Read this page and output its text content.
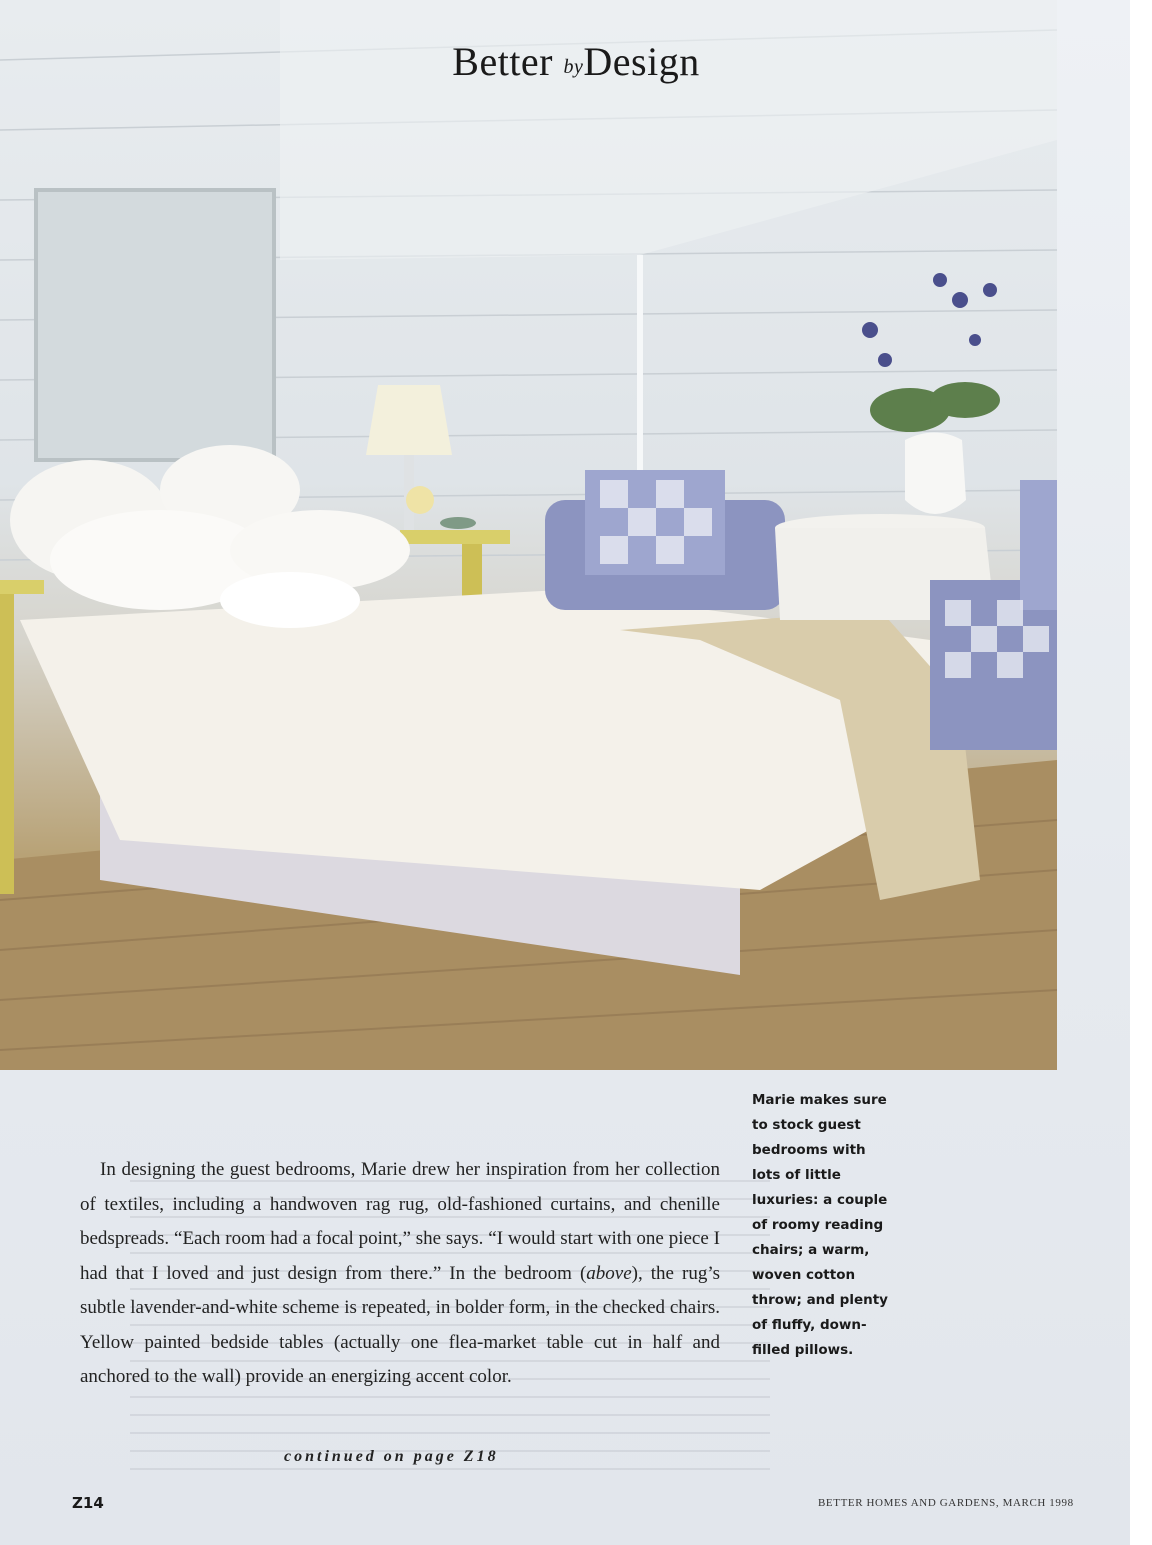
Better byDesign
In designing the guest bedrooms, Marie drew her inspiration from her collection of textiles, including a handwoven rag rug, old-fashioned curtains, and chenille bedspreads. “Each room had a focal point,” she says. “I would start with one piece I had that I loved and just design from there.” In the bedroom (above), the rug’s subtle lavender-and-white scheme is repeated, in bolder form, in the checked chairs. Yellow painted bedside tables (actually one flea-market table cut in half and anchored to the wall) provide an energizing accent color.
Marie makes sure to stock guest bedrooms with lots of little luxuries: a couple of roomy reading chairs; a warm, woven cotton throw; and plenty of fluffy, down-filled pillows.
continued on page Z18
Z14	BETTER HOMES AND GARDENS, MARCH 1998
